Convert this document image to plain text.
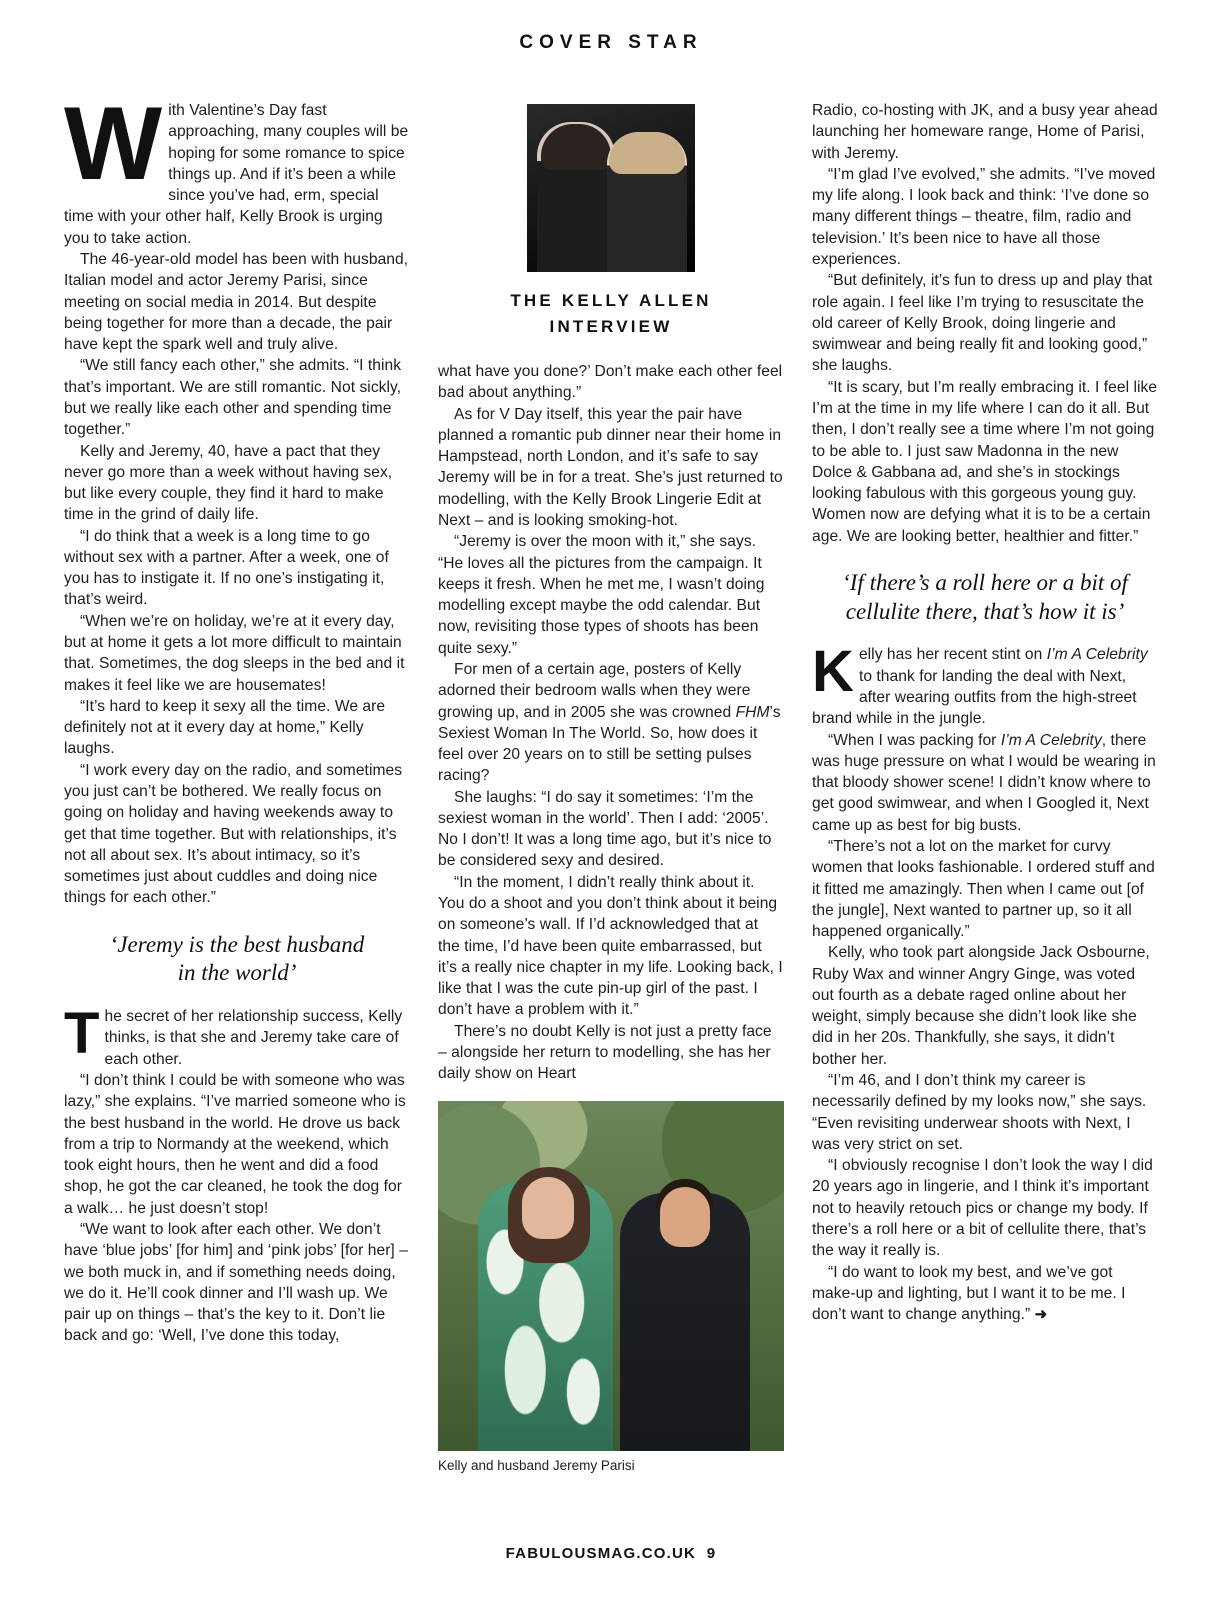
COVER STAR

With Valentine’s Day fast approaching, many couples will be hoping for some romance to spice things up. And if it’s been a while since you’ve had, erm, special time with your other half, Kelly Brook is urging you to take action.

The 46-year-old model has been with husband, Italian model and actor Jeremy Parisi, since meeting on social media in 2014. But despite being together for more than a decade, the pair have kept the spark well and truly alive.

“We still fancy each other,” she admits. “I think that’s important. We are still romantic. Not sickly, but we really like each other and spending time together.”

Kelly and Jeremy, 40, have a pact that they never go more than a week without having sex, but like every couple, they find it hard to make time in the grind of daily life.

“I do think that a week is a long time to go without sex with a partner. After a week, one of you has to instigate it. If no one’s instigating it, that’s weird.

“When we’re on holiday, we’re at it every day, but at home it gets a lot more difficult to maintain that. Sometimes, the dog sleeps in the bed and it makes it feel like we are housemates!

“It’s hard to keep it sexy all the time. We are definitely not at it every day at home,” Kelly laughs.

“I work every day on the radio, and sometimes you just can’t be bothered. We really focus on going on holiday and having weekends away to get that time together. But with relationships, it’s not all about sex. It’s about intimacy, so it’s sometimes just about cuddles and doing nice things for each other.”

‘Jeremy is the best husband
in the world’

The secret of her relationship success, Kelly thinks, is that she and Jeremy take care of each other.

“I don’t think I could be with someone who was lazy,” she explains. “I’ve married someone who is the best husband in the world. He drove us back from a trip to Normandy at the weekend, which took eight hours, then he went and did a food shop, he got the car cleaned, he took the dog for a walk… he just doesn’t stop!

“We want to look after each other. We don’t have ‘blue jobs’ [for him] and ‘pink jobs’ [for her] – we both muck in, and if something needs doing, we do it. He’ll cook dinner and I’ll wash up. We pair up on things – that’s the key to it. Don’t lie back and go: ‘Well, I’ve done this today,

THE KELLY ALLEN
INTERVIEW

what have you done?’ Don’t make each other feel bad about anything.”

As for V Day itself, this year the pair have planned a romantic pub dinner near their home in Hampstead, north London, and it’s safe to say Jeremy will be in for a treat. She’s just returned to modelling, with the Kelly Brook Lingerie Edit at Next – and is looking smoking-hot.

“Jeremy is over the moon with it,” she says. “He loves all the pictures from the campaign. It keeps it fresh. When he met me, I wasn’t doing modelling except maybe the odd calendar. But now, revisiting those types of shoots has been quite sexy.”

For men of a certain age, posters of Kelly adorned their bedroom walls when they were growing up, and in 2005 she was crowned FHM’s Sexiest Woman In The World. So, how does it feel over 20 years on to still be setting pulses racing?

She laughs: “I do say it sometimes: ‘I’m the sexiest woman in the world’. Then I add: ‘2005’. No I don’t! It was a long time ago, but it’s nice to be considered sexy and desired.

“In the moment, I didn’t really think about it. You do a shoot and you don’t think about it being on someone’s wall. If I’d acknowledged that at the time, I’d have been quite embarrassed, but it’s a really nice chapter in my life. Looking back, I like that I was the cute pin-up girl of the past. I don’t have a problem with it.”

There’s no doubt Kelly is not just a pretty face – alongside her return to modelling, she has her daily show on Heart

Kelly and husband Jeremy Parisi

Radio, co-hosting with JK, and a busy year ahead launching her homeware range, Home of Parisi, with Jeremy.

“I’m glad I’ve evolved,” she admits. “I’ve moved my life along. I look back and think: ‘I’ve done so many different things – theatre, film, radio and television.’ It’s been nice to have all those experiences.

“But definitely, it’s fun to dress up and play that role again. I feel like I’m trying to resuscitate the old career of Kelly Brook, doing lingerie and swimwear and being really fit and looking good,” she laughs.

“It is scary, but I’m really embracing it. I feel like I’m at the time in my life where I can do it all. But then, I don’t really see a time where I’m not going to be able to. I just saw Madonna in the new Dolce & Gabbana ad, and she’s in stockings looking fabulous with this gorgeous young guy. Women now are defying what it is to be a certain age. We are looking better, healthier and fitter.”

‘If there’s a roll here or a bit of
cellulite there, that’s how it is’

Kelly has her recent stint on I’m A Celebrity to thank for landing the deal with Next, after wearing outfits from the high-street brand while in the jungle.

“When I was packing for I’m A Celebrity, there was huge pressure on what I would be wearing in that bloody shower scene! I didn’t know where to get good swimwear, and when I Googled it, Next came up as best for big busts.

“There’s not a lot on the market for curvy women that looks fashionable. I ordered stuff and it fitted me amazingly. Then when I came out [of the jungle], Next wanted to partner up, so it all happened organically.”

Kelly, who took part alongside Jack Osbourne, Ruby Wax and winner Angry Ginge, was voted out fourth as a debate raged online about her weight, simply because she didn’t look like she did in her 20s. Thankfully, she says, it didn’t bother her.

“I’m 46, and I don’t think my career is necessarily defined by my looks now,” she says. “Even revisiting underwear shoots with Next, I was very strict on set.

“I obviously recognise I don’t look the way I did 20 years ago in lingerie, and I think it’s important not to heavily retouch pics or change my body. If there’s a roll here or a bit of cellulite there, that’s the way it really is.

“I do want to look my best, and we’ve got make-up and lighting, but I want it to be me. I don’t want to change anything.” ➜

FABULOUSMAG.CO.UK 9
